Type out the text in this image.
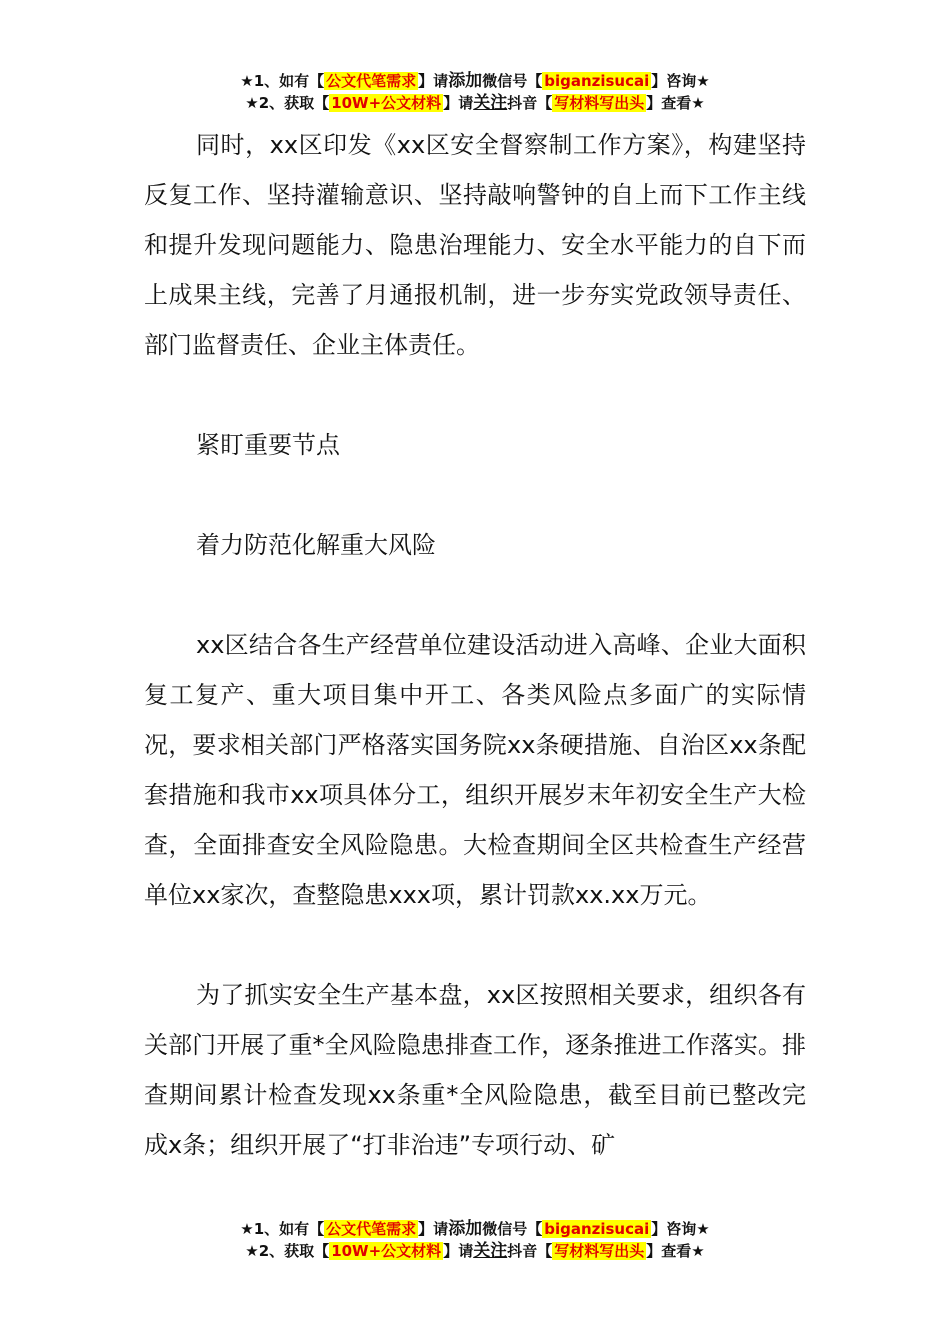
★1、如有【 公文代笔需求 】请添加微信号【 biganzisucai 】咨询★
★2、获取【 10W+公文材料 】请关注抖音【 写材料写出头 】查看★

同时，xx区印发《xx区安全督察制工作方案》，构建坚持反复工作、坚持灌输意识、坚持敲响警钟的自上而下工作主线和提升发现问题能力、隐患治理能力、安全水平能力的自下而上成果主线，完善了月通报机制，进一步夯实党政领导责任、部门监督责任、企业主体责任。

紧盯重要节点

着力防范化解重大风险

xx区结合各生产经营单位建设活动进入高峰、企业大面积复工复产、重大项目集中开工、各类风险点多面广的实际情况，要求相关部门严格落实国务院xx条硬措施、自治区xx条配套措施和我市xx项具体分工，组织开展岁末年初安全生产大检查，全面排查安全风险隐患。大检查期间全区共检查生产经营单位xx家次，查整隐患xxx项，累计罚款xx.xx万元。

为了抓实安全生产基本盘，xx区按照相关要求，组织各有关部门开展了重*全风险隐患排查工作，逐条推进工作落实。排查期间累计检查发现xx条重*全风险隐患，截至目前已整改完成x条；组织开展了“打非治违”专项行动、矿

★1、如有【 公文代笔需求 】请添加微信号【 biganzisucai 】咨询★
★2、获取【 10W+公文材料 】请关注抖音【 写材料写出头 】查看★
